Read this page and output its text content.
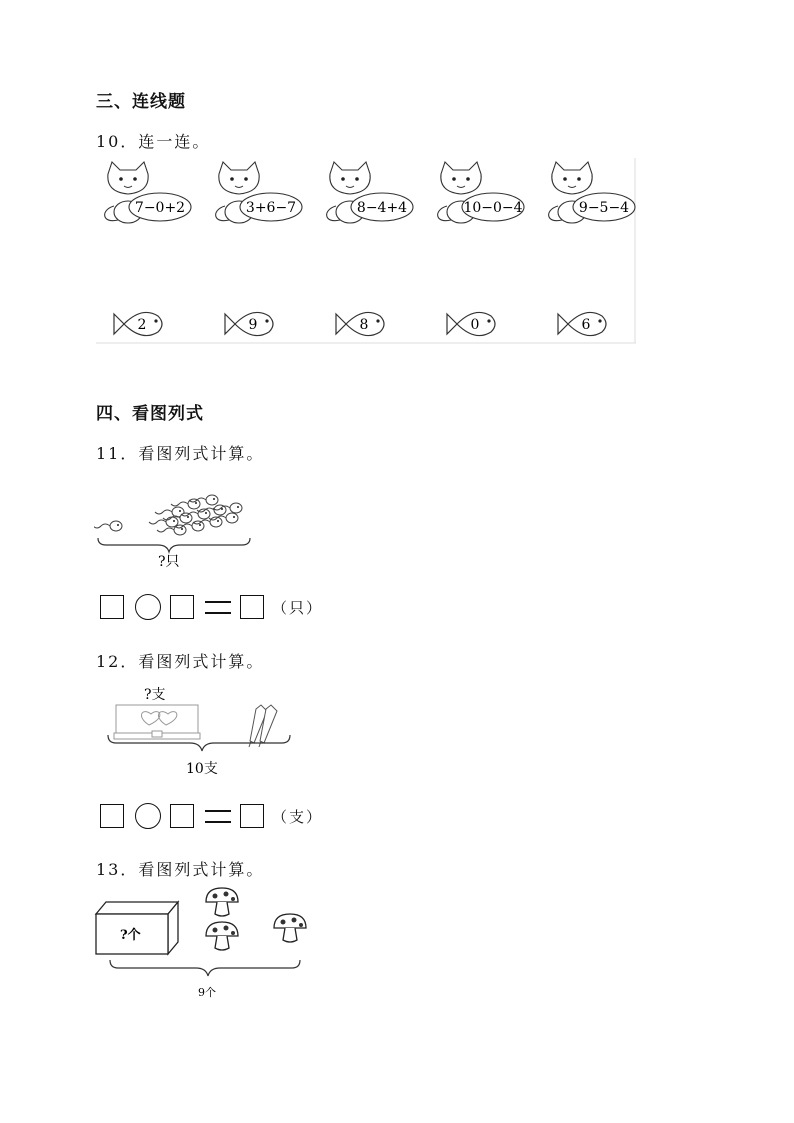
三、连线题
10．连一连。
7−0+2	3+6−7	8−4+4	10−0−4	9−5−4
2	9	8	0	6
四、看图列式
11．看图列式计算。
?只
（只）
12．看图列式计算。
?支
10支
（支）
13．看图列式计算。
?个
9个
